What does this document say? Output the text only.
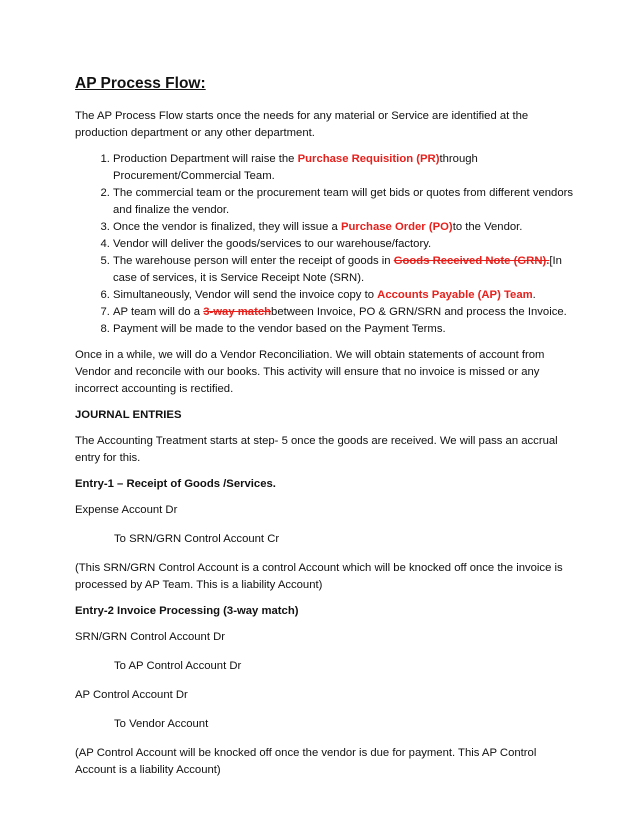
AP Process Flow:

The AP Process Flow starts once the needs for any material or Service are identified at the production department or any other department.

1. Production Department will raise the Purchase Requisition (PR)through Procurement/Commercial Team.
2. The commercial team or the procurement team will get bids or quotes from different vendors and finalize the vendor.
3. Once the vendor is finalized, they will issue a Purchase Order (PO)to the Vendor.
4. Vendor will deliver the goods/services to our warehouse/factory.
5. The warehouse person will enter the receipt of goods in Goods Received Note (GRN).[In case of services, it is Service Receipt Note (SRN).
6. Simultaneously, Vendor will send the invoice copy to Accounts Payable (AP) Team.
7. AP team will do a 3-way matchbetween Invoice, PO & GRN/SRN and process the Invoice.
8. Payment will be made to the vendor based on the Payment Terms.

Once in a while, we will do a Vendor Reconciliation. We will obtain statements of account from Vendor and reconcile with our books. This activity will ensure that no invoice is missed or any incorrect accounting is rectified.

JOURNAL ENTRIES

The Accounting Treatment starts at step- 5 once the goods are received. We will pass an accrual entry for this.

Entry-1 – Receipt of Goods /Services.

Expense Account Dr

To SRN/GRN Control Account Cr

(This SRN/GRN Control Account is a control Account which will be knocked off once the invoice is processed by AP Team. This is a liability Account)

Entry-2 Invoice Processing (3-way match)

SRN/GRN Control Account Dr

To AP Control Account Dr

AP Control Account Dr

To Vendor Account

(AP Control Account will be knocked off once the vendor is due for payment. This AP Control Account is a liability Account)
